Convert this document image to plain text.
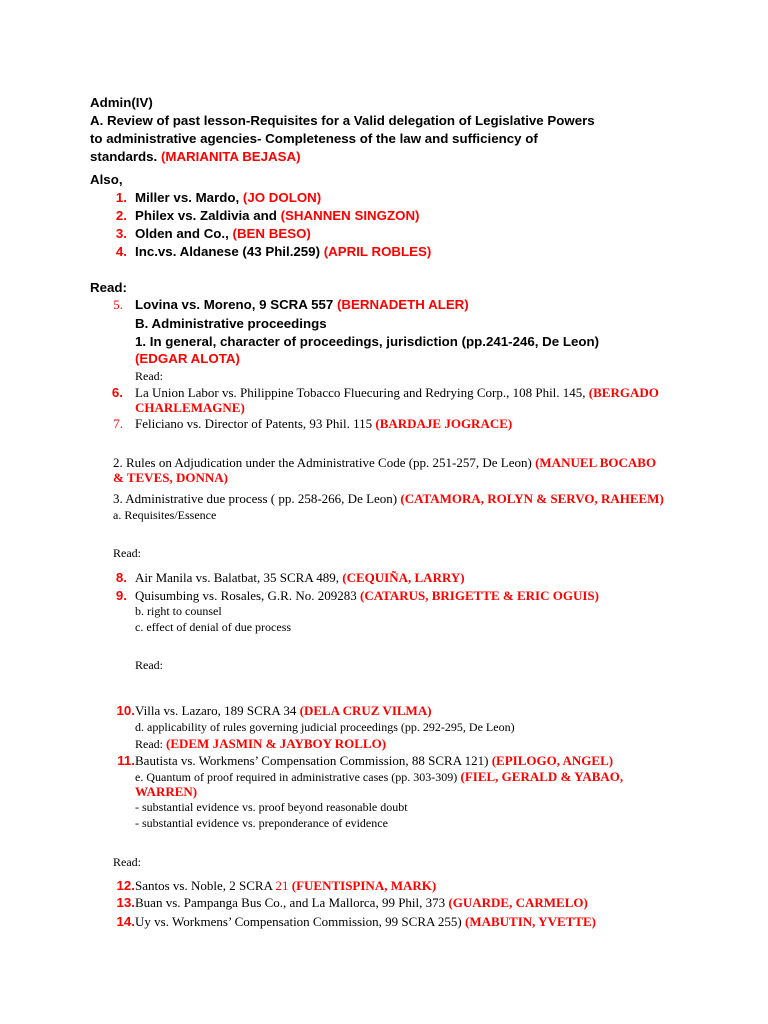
Admin(IV)
A. Review of past lesson-Requisites for a Valid delegation of Legislative Powers
to administrative agencies- Completeness of the law and sufficiency of
standards. (MARIANITA BEJASA)
Also,
1. Miller vs. Mardo, (JO DOLON)
2. Philex vs. Zaldivia and (SHANNEN SINGZON)
3. Olden and Co., (BEN BESO)
4. Inc.vs. Aldanese (43 Phil.259) (APRIL ROBLES)
Read:
5. Lovina vs. Moreno, 9 SCRA 557 (BERNADETH ALER)
B. Administrative proceedings
1. In general, character of proceedings, jurisdiction (pp.241-246, De Leon)
(EDGAR ALOTA)
Read:
6. La Union Labor vs. Philippine Tobacco Fluecuring and Redrying Corp., 108 Phil. 145, (BERGADO
CHARLEMAGNE)
7. Feliciano vs. Director of Patents, 93 Phil. 115 (BARDAJE JOGRACE)
2. Rules on Adjudication under the Administrative Code (pp. 251-257, De Leon) (MANUEL BOCABO
& TEVES, DONNA)
3. Administrative due process ( pp. 258-266, De Leon) (CATAMORA, ROLYN & SERVO, RAHEEM)
a. Requisites/Essence
Read:
8. Air Manila vs. Balatbat, 35 SCRA 489, (CEQUIÑA, LARRY)
9. Quisumbing vs. Rosales, G.R. No. 209283 (CATARUS, BRIGETTE & ERIC OGUIS)
b. right to counsel
c. effect of denial of due process
Read:
10. Villa vs. Lazaro, 189 SCRA 34 (DELA CRUZ VILMA)
d. applicability of rules governing judicial proceedings (pp. 292-295, De Leon)
Read: (EDEM JASMIN & JAYBOY ROLLO)
11. Bautista vs. Workmens’ Compensation Commission, 88 SCRA 121) (EPILOGO, ANGEL)
e. Quantum of proof required in administrative cases (pp. 303-309) (FIEL, GERALD & YABAO,
WARREN)
- substantial evidence vs. proof beyond reasonable doubt
- substantial evidence vs. preponderance of evidence
Read:
12. Santos vs. Noble, 2 SCRA 21 (FUENTISPINA, MARK)
13. Buan vs. Pampanga Bus Co., and La Mallorca, 99 Phil, 373 (GUARDE, CARMELO)
14. Uy vs. Workmens’ Compensation Commission, 99 SCRA 255) (MABUTIN, YVETTE)
